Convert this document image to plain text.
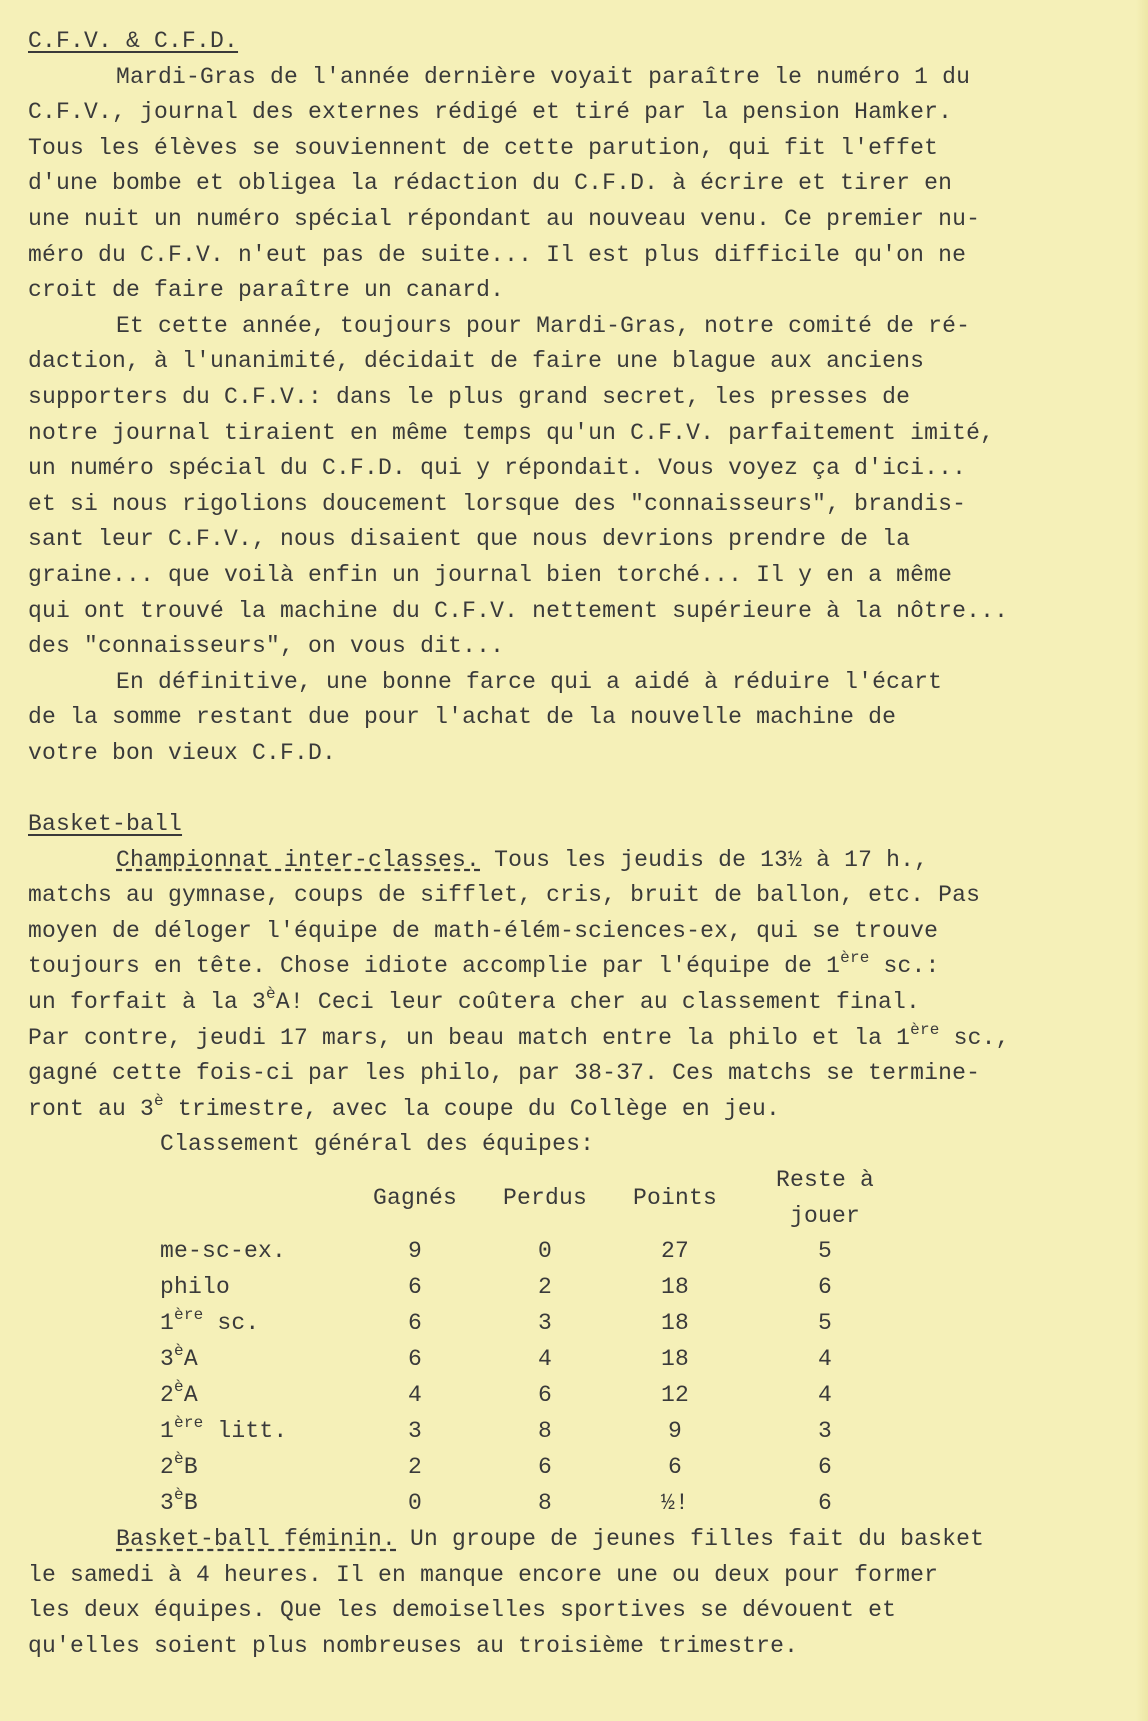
C.F.V. & C.F.D.
Mardi-Gras de l'année dernière voyait paraître le numéro 1 du
C.F.V., journal des externes rédigé et tiré par la pension Hamker.
Tous les élèves se souviennent de cette parution, qui fit l'effet
d'une bombe et obligea la rédaction du C.F.D. à écrire et tirer en
une nuit un numéro spécial répondant au nouveau venu. Ce premier nu-
méro du C.F.V. n'eut pas de suite... Il est plus difficile qu'on ne
croit de faire paraître un canard.
Et cette année, toujours pour Mardi-Gras, notre comité de ré-
daction, à l'unanimité, décidait de faire une blague aux anciens
supporters du C.F.V.: dans le plus grand secret, les presses de
notre journal tiraient en même temps qu'un C.F.V. parfaitement imité,
un numéro spécial du C.F.D. qui y répondait. Vous voyez ça d'ici...
et si nous rigolions doucement lorsque des "connaisseurs", brandis-
sant leur C.F.V., nous disaient que nous devrions prendre de la
graine... que voilà enfin un journal bien torché... Il y en a même
qui ont trouvé la machine du C.F.V. nettement supérieure à la nôtre...
des "connaisseurs", on vous dit...
En définitive, une bonne farce qui a aidé à réduire l'écart
de la somme restant due pour l'achat de la nouvelle machine de
votre bon vieux C.F.D.
Basket-ball
Championnat inter-classes. Tous les jeudis de 13½ à 17 h.,
matchs au gymnase, coups de sifflet, cris, bruit de ballon, etc. Pas
moyen de déloger l'équipe de math-élém-sciences-ex, qui se trouve
toujours en tête. Chose idiote accomplie par l'équipe de 1ère sc.:
un forfait à la $3^èA$! Ceci leur coûtera cher au classement final.
Par contre, jeudi 17 mars, un beau match entre la philo et la 1ère sc.,
gagné cette fois-ci par les philo, par 38-37. Ces matchs se termine-
ront au $3^è$ trimestre, avec la coupe du Collège en jeu.
Classement général des équipes:
	Gagnés	Perdus	Points	Reste à jouer
me-sc-ex.	9	0	27	5
philo	6	2	18	6
1ère sc.	6	3	18	5
$3^èA$	6	4	18	4
$2^èA$	4	6	12	4
1ère litt.	3	8	9	3
$2^èB$	2	6	6	6
$3^èB$	0	8	½!	6
Basket-ball féminin. Un groupe de jeunes filles fait du basket
le samedi à 4 heures. Il en manque encore une ou deux pour former
les deux équipes. Que les demoiselles sportives se dévouent et
qu'elles soient plus nombreuses au troisième trimestre.
